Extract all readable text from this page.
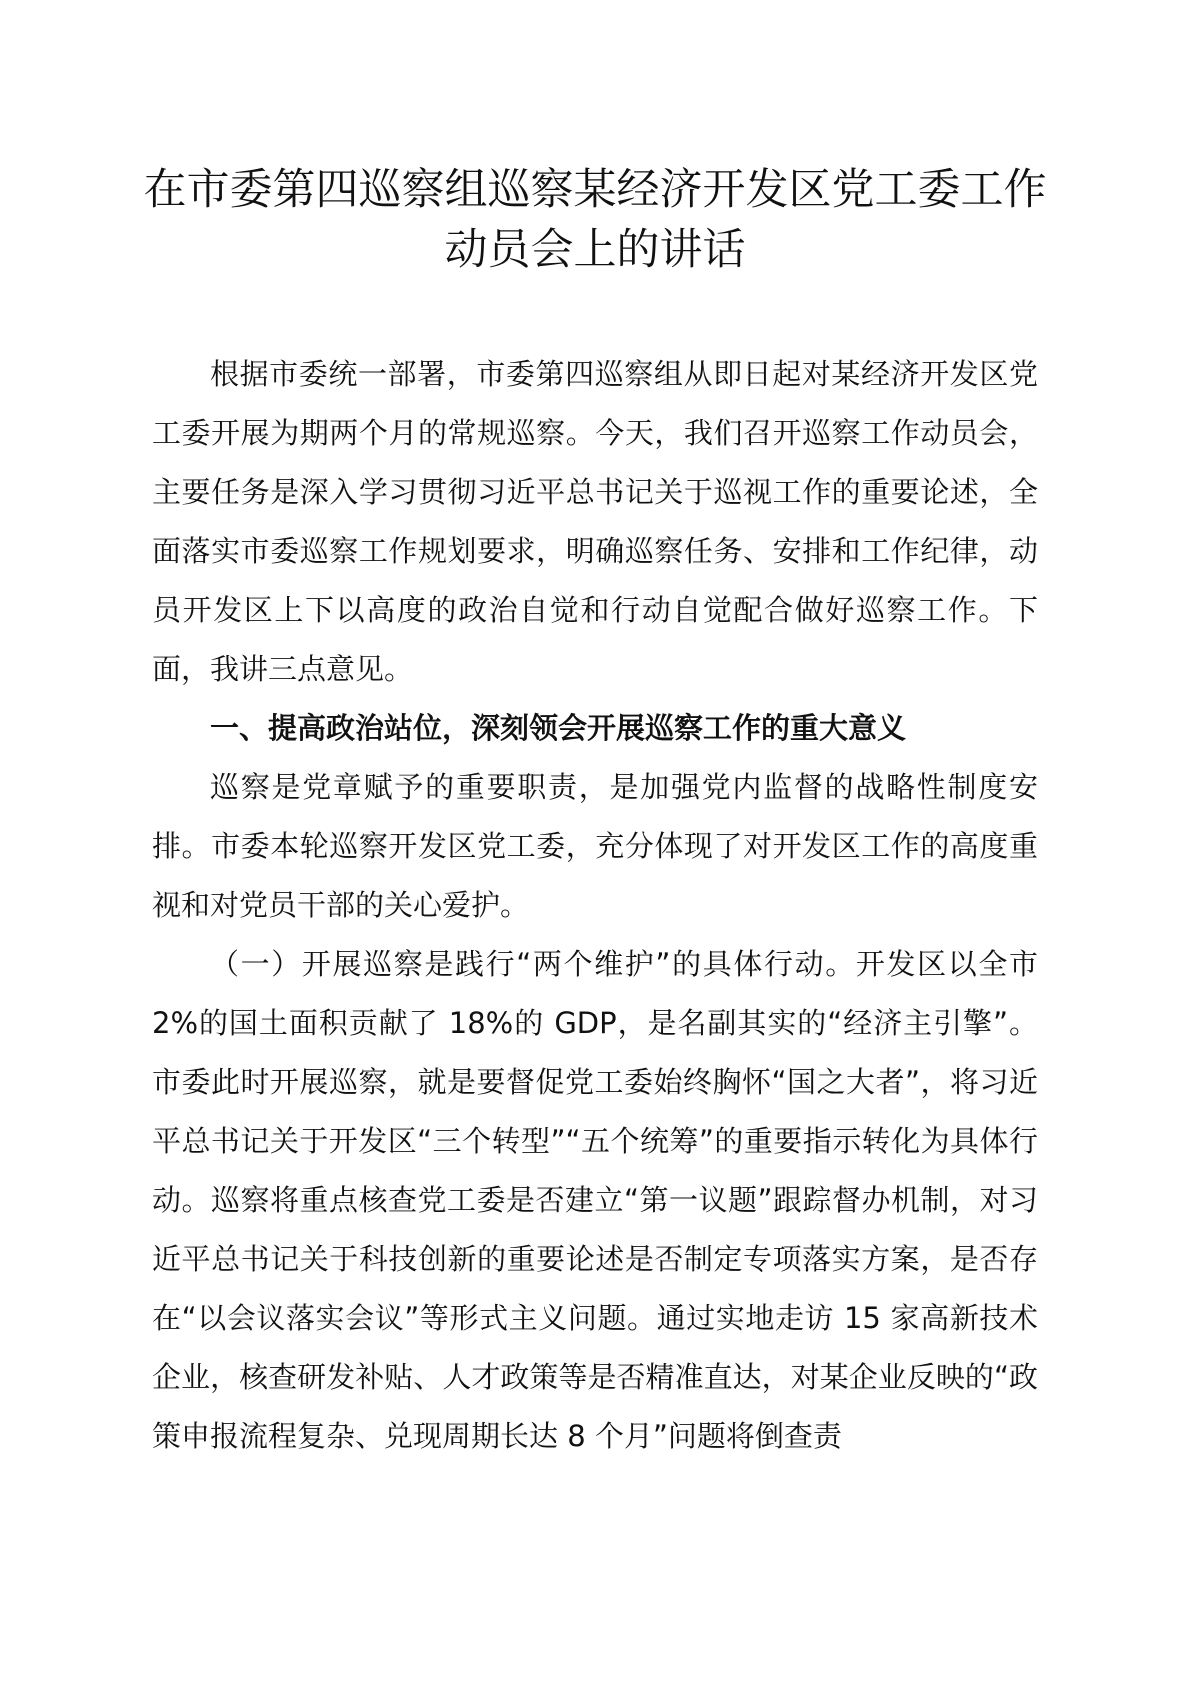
在市委第四巡察组巡察某经济开发区党工委工作动员会上的讲话

根据市委统一部署，市委第四巡察组从即日起对某经济开发区党工委开展为期两个月的常规巡察。今天，我们召开巡察工作动员会，主要任务是深入学习贯彻习近平总书记关于巡视工作的重要论述，全面落实市委巡察工作规划要求，明确巡察任务、安排和工作纪律，动员开发区上下以高度的政治自觉和行动自觉配合做好巡察工作。下面，我讲三点意见。

一、提高政治站位，深刻领会开展巡察工作的重大意义

巡察是党章赋予的重要职责，是加强党内监督的战略性制度安排。市委本轮巡察开发区党工委，充分体现了对开发区工作的高度重视和对党员干部的关心爱护。

（一）开展巡察是践行“两个维护”的具体行动。开发区以全市 2%的国土面积贡献了 18%的 GDP，是名副其实的“经济主引擎”。市委此时开展巡察，就是要督促党工委始终胸怀“国之大者”，将习近平总书记关于开发区“三个转型”“五个统筹”的重要指示转化为具体行动。巡察将重点核查党工委是否建立“第一议题”跟踪督办机制，对习近平总书记关于科技创新的重要论述是否制定专项落实方案，是否存在“以会议落实会议”等形式主义问题。通过实地走访 15 家高新技术企业，核查研发补贴、人才政策等是否精准直达，对某企业反映的“政策申报流程复杂、兑现周期长达 8 个月”问题将倒查责
